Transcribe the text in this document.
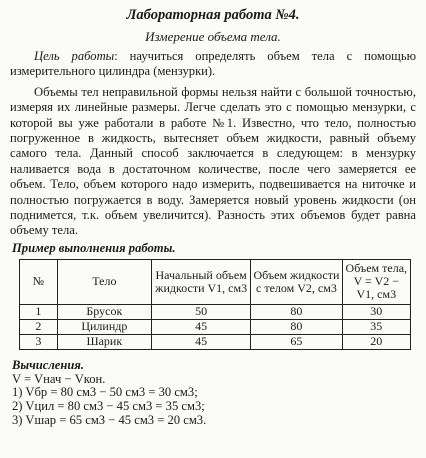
Лабораторная работа №4.
Измерение объема тела.

Цель работы: научиться определять объем тела с помощью измерительного цилиндра (мензурки).

Объемы тел неправильной формы нельзя найти с большой точностью, измеряя их линейные размеры. Легче сделать это с помощью мензурки, с которой вы уже работали в работе №1. Известно, что тело, полностью погруженное в жидкость, вытесняет объем жидкости, равный объему самого тела. Данный способ заключается в следующем: в мензурку наливается вода в достаточном количестве, после чего замеряется ее объем. Тело, объем которого надо измерить, подвешивается на ниточке и полностью погружается в воду. Замеряется новый уровень жидкости (он поднимется, т.к. объем увеличится). Разность этих объемов будет равна объему тела.

Пример выполнения работы.
№	Тело	Начальный объем жидкости V1, см3	Объем жидкости с телом V2, см3	Объем тела, V = V2 − V1, см3
1	Брусок	50	80	30
2	Цилиндр	45	80	35
3	Шарик	45	65	20
Вычисления.
V = Vнач − Vкон.
1) Vбр = 80 см3 − 50 см3 = 30 см3;
2) Vцил = 80 см3 − 45 см3 = 35 см3;
3) Vшар = 65 см3 − 45 см3 = 20 см3.
